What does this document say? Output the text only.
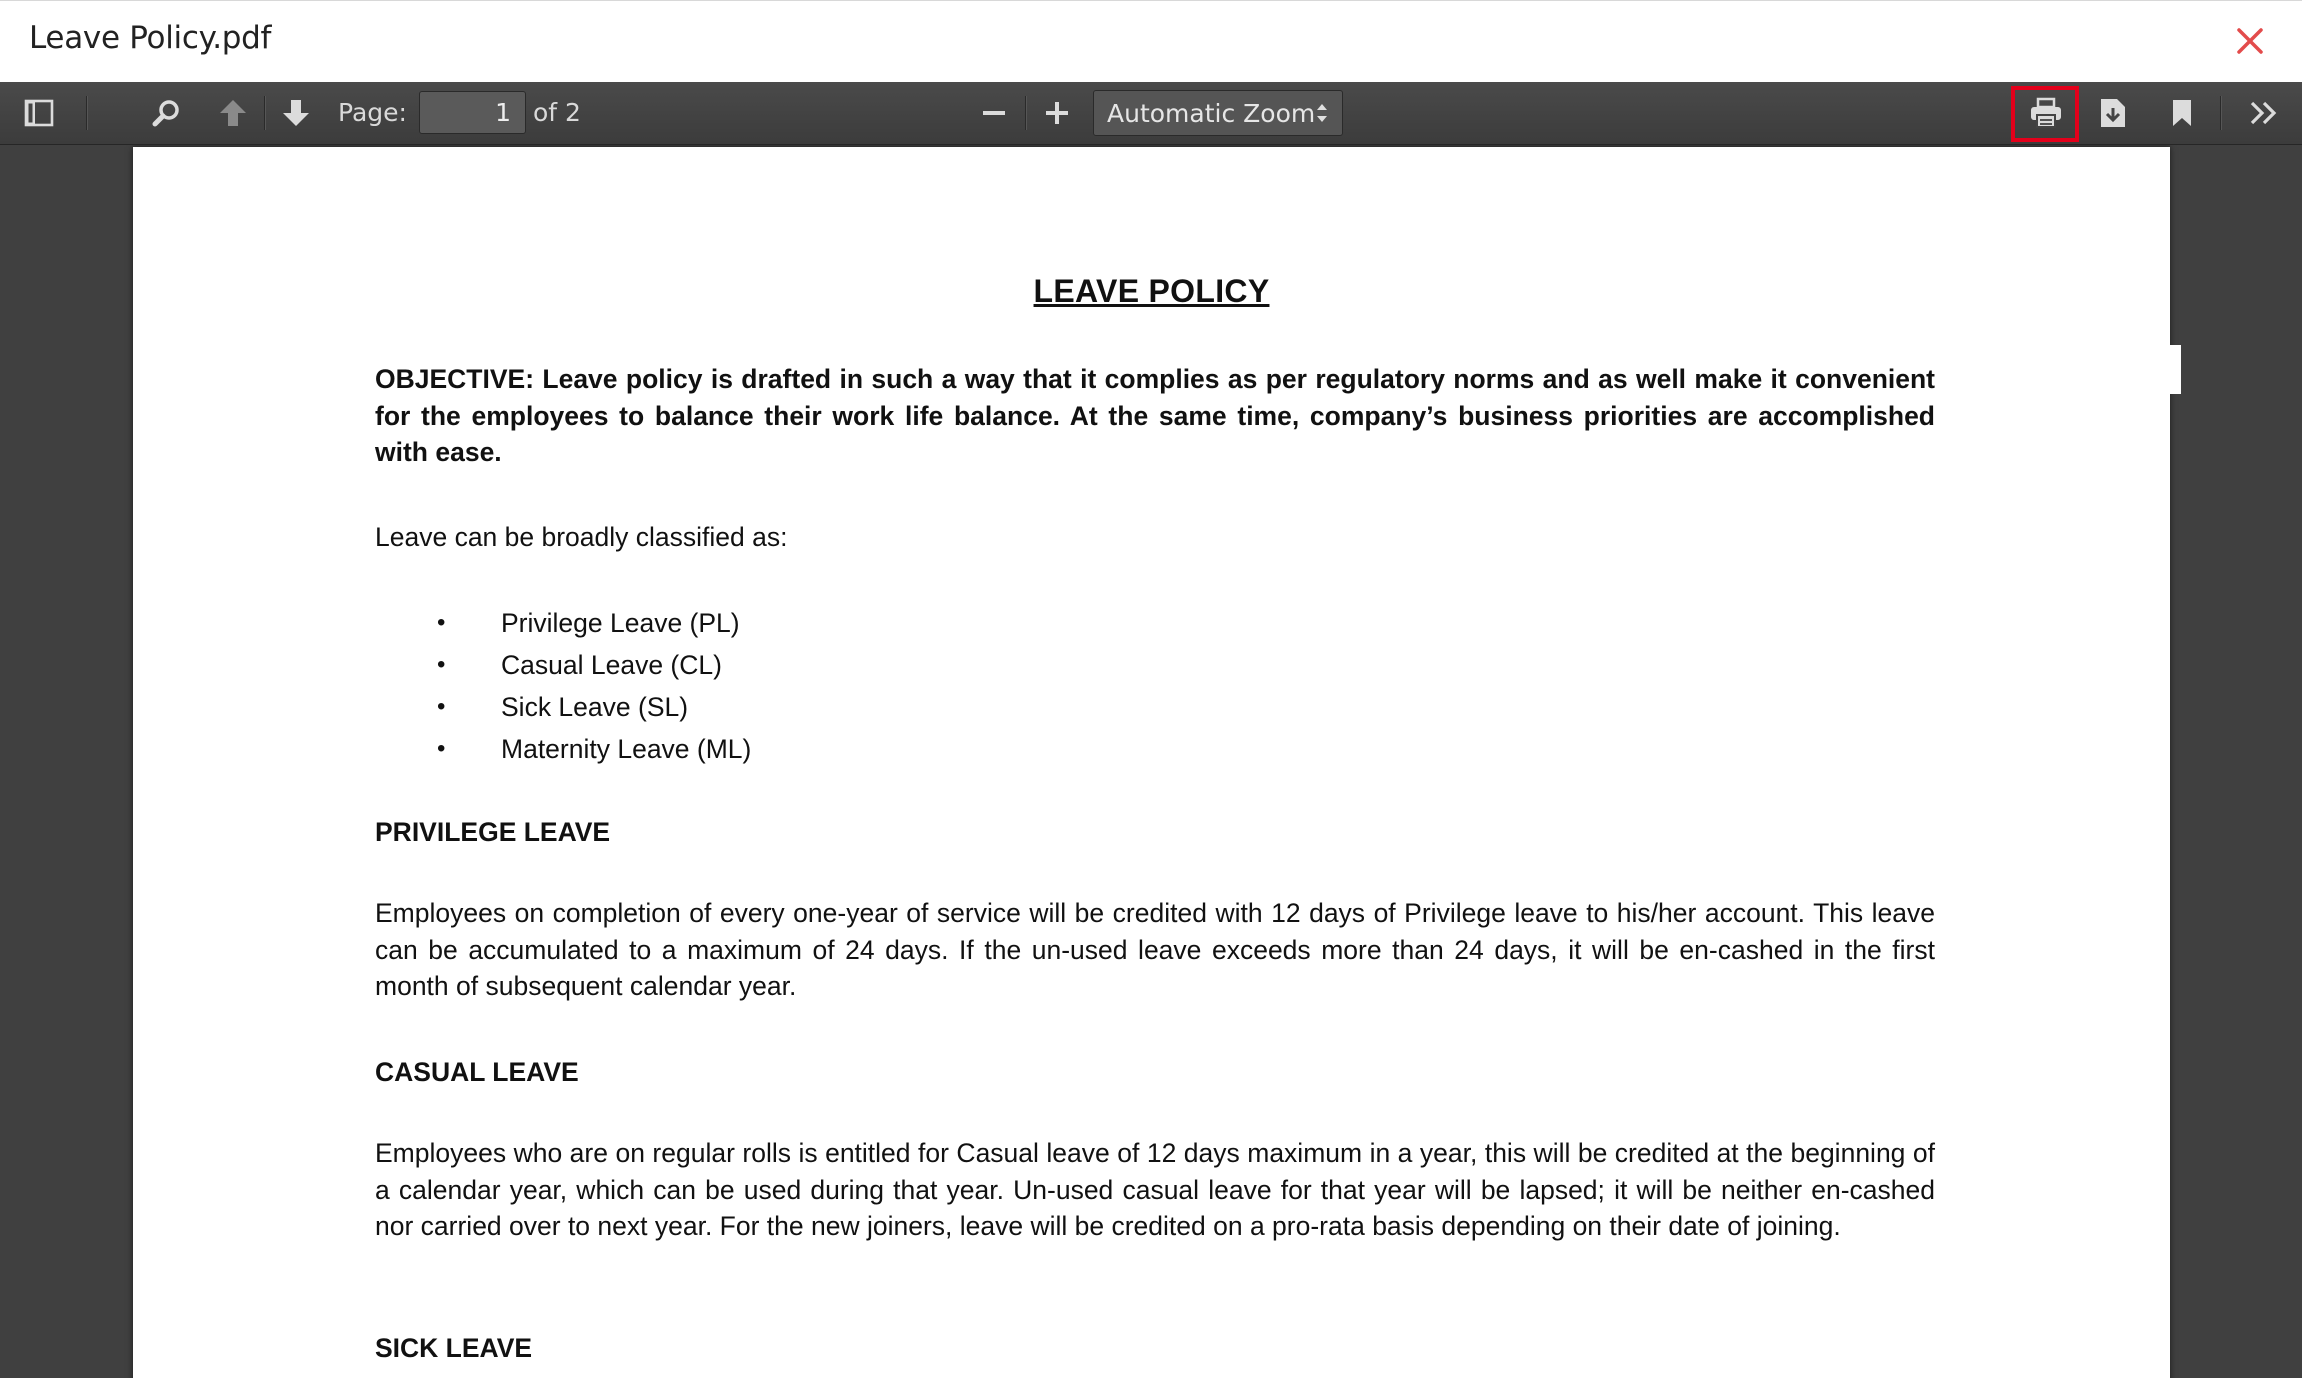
Leave Policy.pdf
Page:
1	of 2	Automatic Zoom
LEAVE POLICY

OBJECTIVE: Leave policy is drafted in such a way that it complies as per regulatory norms and as well make it convenient for the employees to balance their work life balance. At the same time, company’s business priorities are accomplished with ease.

Leave can be broadly classified as:

• Privilege Leave (PL)
• Casual Leave (CL)
• Sick Leave (SL)
• Maternity Leave (ML)
PRIVILEGE LEAVE

Employees on completion of every one-year of service will be credited with 12 days of Privilege leave to his/her account. This leave can be accumulated to a maximum of 24 days. If the un-used leave exceeds more than 24 days, it will be en-cashed in the first month of subsequent calendar year.

CASUAL LEAVE

Employees who are on regular rolls is entitled for Casual leave of 12 days maximum in a year, this will be credited at the beginning of a calendar year, which can be used during that year. Un-used casual leave for that year will be lapsed; it will be neither en-cashed nor carried over to next year. For the new joiners, leave will be credited on a pro-rata basis depending on their date of joining.

SICK LEAVE
